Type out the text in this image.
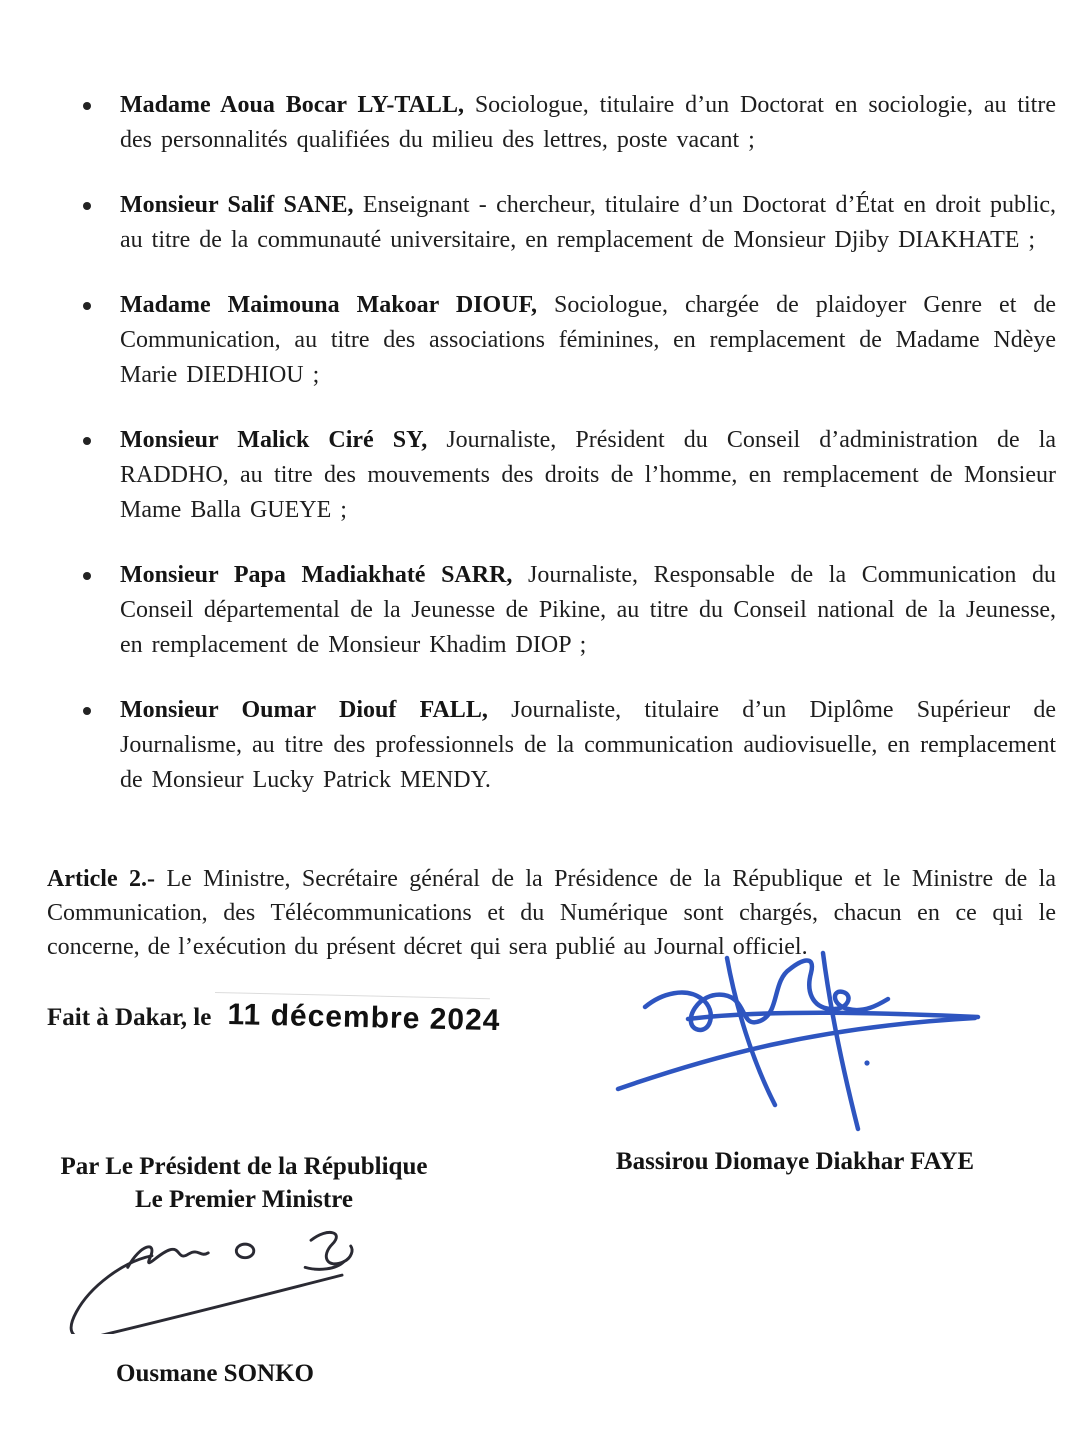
Madame Aoua Bocar LY-TALL, Sociologue, titulaire d’un Doctorat en sociologie, au titre des personnalités qualifiées du milieu des lettres, poste vacant ;
Monsieur Salif SANE, Enseignant - chercheur, titulaire d’un Doctorat d’État en droit public, au titre de la communauté universitaire, en remplacement de Monsieur Djiby DIAKHATE ;
Madame Maimouna Makoar DIOUF, Sociologue, chargée de plaidoyer Genre et de Communication, au titre des associations féminines, en remplacement de Madame Ndèye Marie DIEDHIOU ;
Monsieur Malick Ciré SY, Journaliste, Président du Conseil d’administration de la RADDHO, au titre des mouvements des droits de l’homme, en remplacement de Monsieur Mame Balla GUEYE ;
Monsieur Papa Madiakhaté SARR, Journaliste, Responsable de la Communication du Conseil départemental de la Jeunesse de Pikine, au titre du Conseil national de la Jeunesse, en remplacement de Monsieur Khadim DIOP ;
Monsieur Oumar Diouf FALL, Journaliste, titulaire d’un Diplôme Supérieur de Journalisme, au titre des professionnels de la communication audiovisuelle, en remplacement de Monsieur Lucky Patrick MENDY.

Article 2.- Le Ministre, Secrétaire général de la Présidence de la République et le Ministre de la Communication, des Télécommunications et du Numérique sont chargés, chacun en ce qui le concerne, de l’exécution du présent décret qui sera publié au Journal officiel.

Fait à Dakar, le 11 décembre 2024
Bassirou Diomaye Diakhar FAYE
Par Le Président de la République
Le Premier Ministre
Ousmane SONKO
